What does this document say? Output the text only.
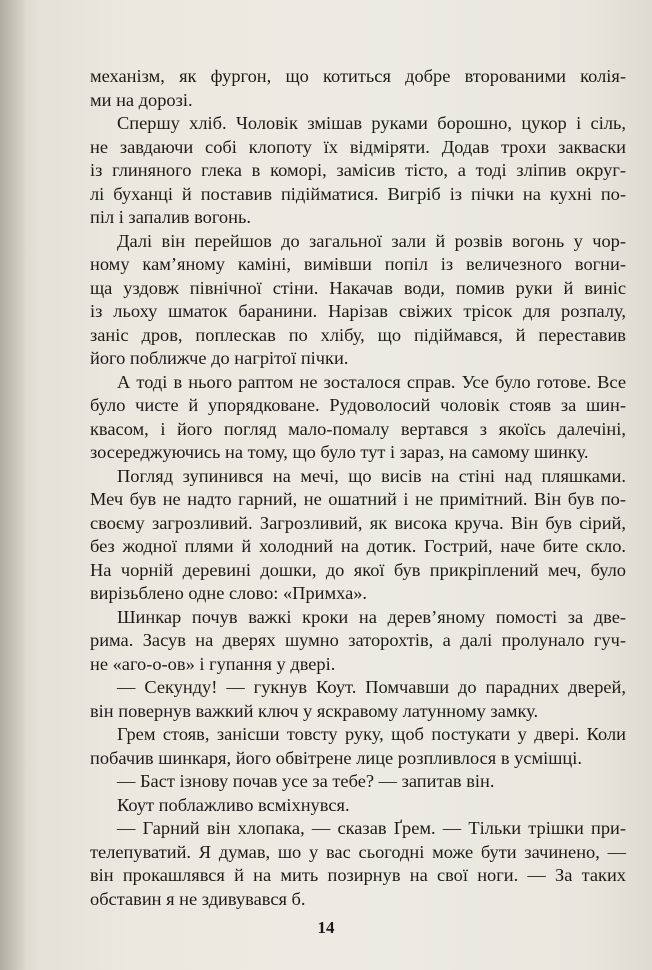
механізм, як фургон, що котиться добре второваними колія-
ми на дорозі.
Спершу хліб. Чоловік змішав руками борошно, цукор і сіль,
не завдаючи собі клопоту їх відміряти. Додав трохи закваски
із глиняного глека в коморі, замісив тісто, а тоді зліпив округ-
лі буханці й поставив підійматися. Вигріб із пічки на кухні по-
піл і запалив вогонь.
Далі він перейшов до загальної зали й розвів вогонь у чор-
ному кам’яному каміні, вимівши попіл із величезного вогни-
ща уздовж північної стіни. Накачав води, помив руки й виніс
із льоху шматок баранини. Нарізав свіжих трісок для розпалу,
заніс дров, поплескав по хлібу, що підіймався, й переставив
його поближче до нагрітої пічки.
А тоді в нього раптом не зосталося справ. Усе було готове. Все
було чисте й упорядковане. Рудоволосий чоловік стояв за шин-
квасом, і його погляд мало-помалу вертався з якоїсь далечіні,
зосереджуючись на тому, що було тут і зараз, на самому шинку.
Погляд зупинився на мечі, що висів на стіні над пляшками.
Меч був не надто гарний, не ошатний і не примітний. Він був по-
своєму загрозливий. Загрозливий, як висока круча. Він був сірий,
без жодної плями й холодний на дотик. Гострий, наче бите скло.
На чорній деревині дошки, до якої був прикріплений меч, було
вирізьблено одне слово: «Примха».
Шинкар почув важкі кроки на дерев’яному помості за две-
рима. Засув на дверях шумно заторохтів, а далі пролунало гуч-
не «аго-о-ов» і гупання у двері.
— Секунду! — гукнув Коут. Помчавши до парадних дверей,
він повернув важкий ключ у яскравому латунному замку.
Грем стояв, занісши товсту руку, щоб постукати у двері. Коли
побачив шинкаря, його обвітрене лице розпливлося в усмішці.
— Баст ізнову почав усе за тебе? — запитав він.
Коут поблажливо всміхнувся.
— Гарний він хлопака, — сказав Ґрем. — Тільки трішки при-
телепуватий. Я думав, шо у вас сьогодні може бути зачинено, —
він прокашлявся й на мить позирнув на свої ноги. — За таких
обставин я не здивувався б.
14
